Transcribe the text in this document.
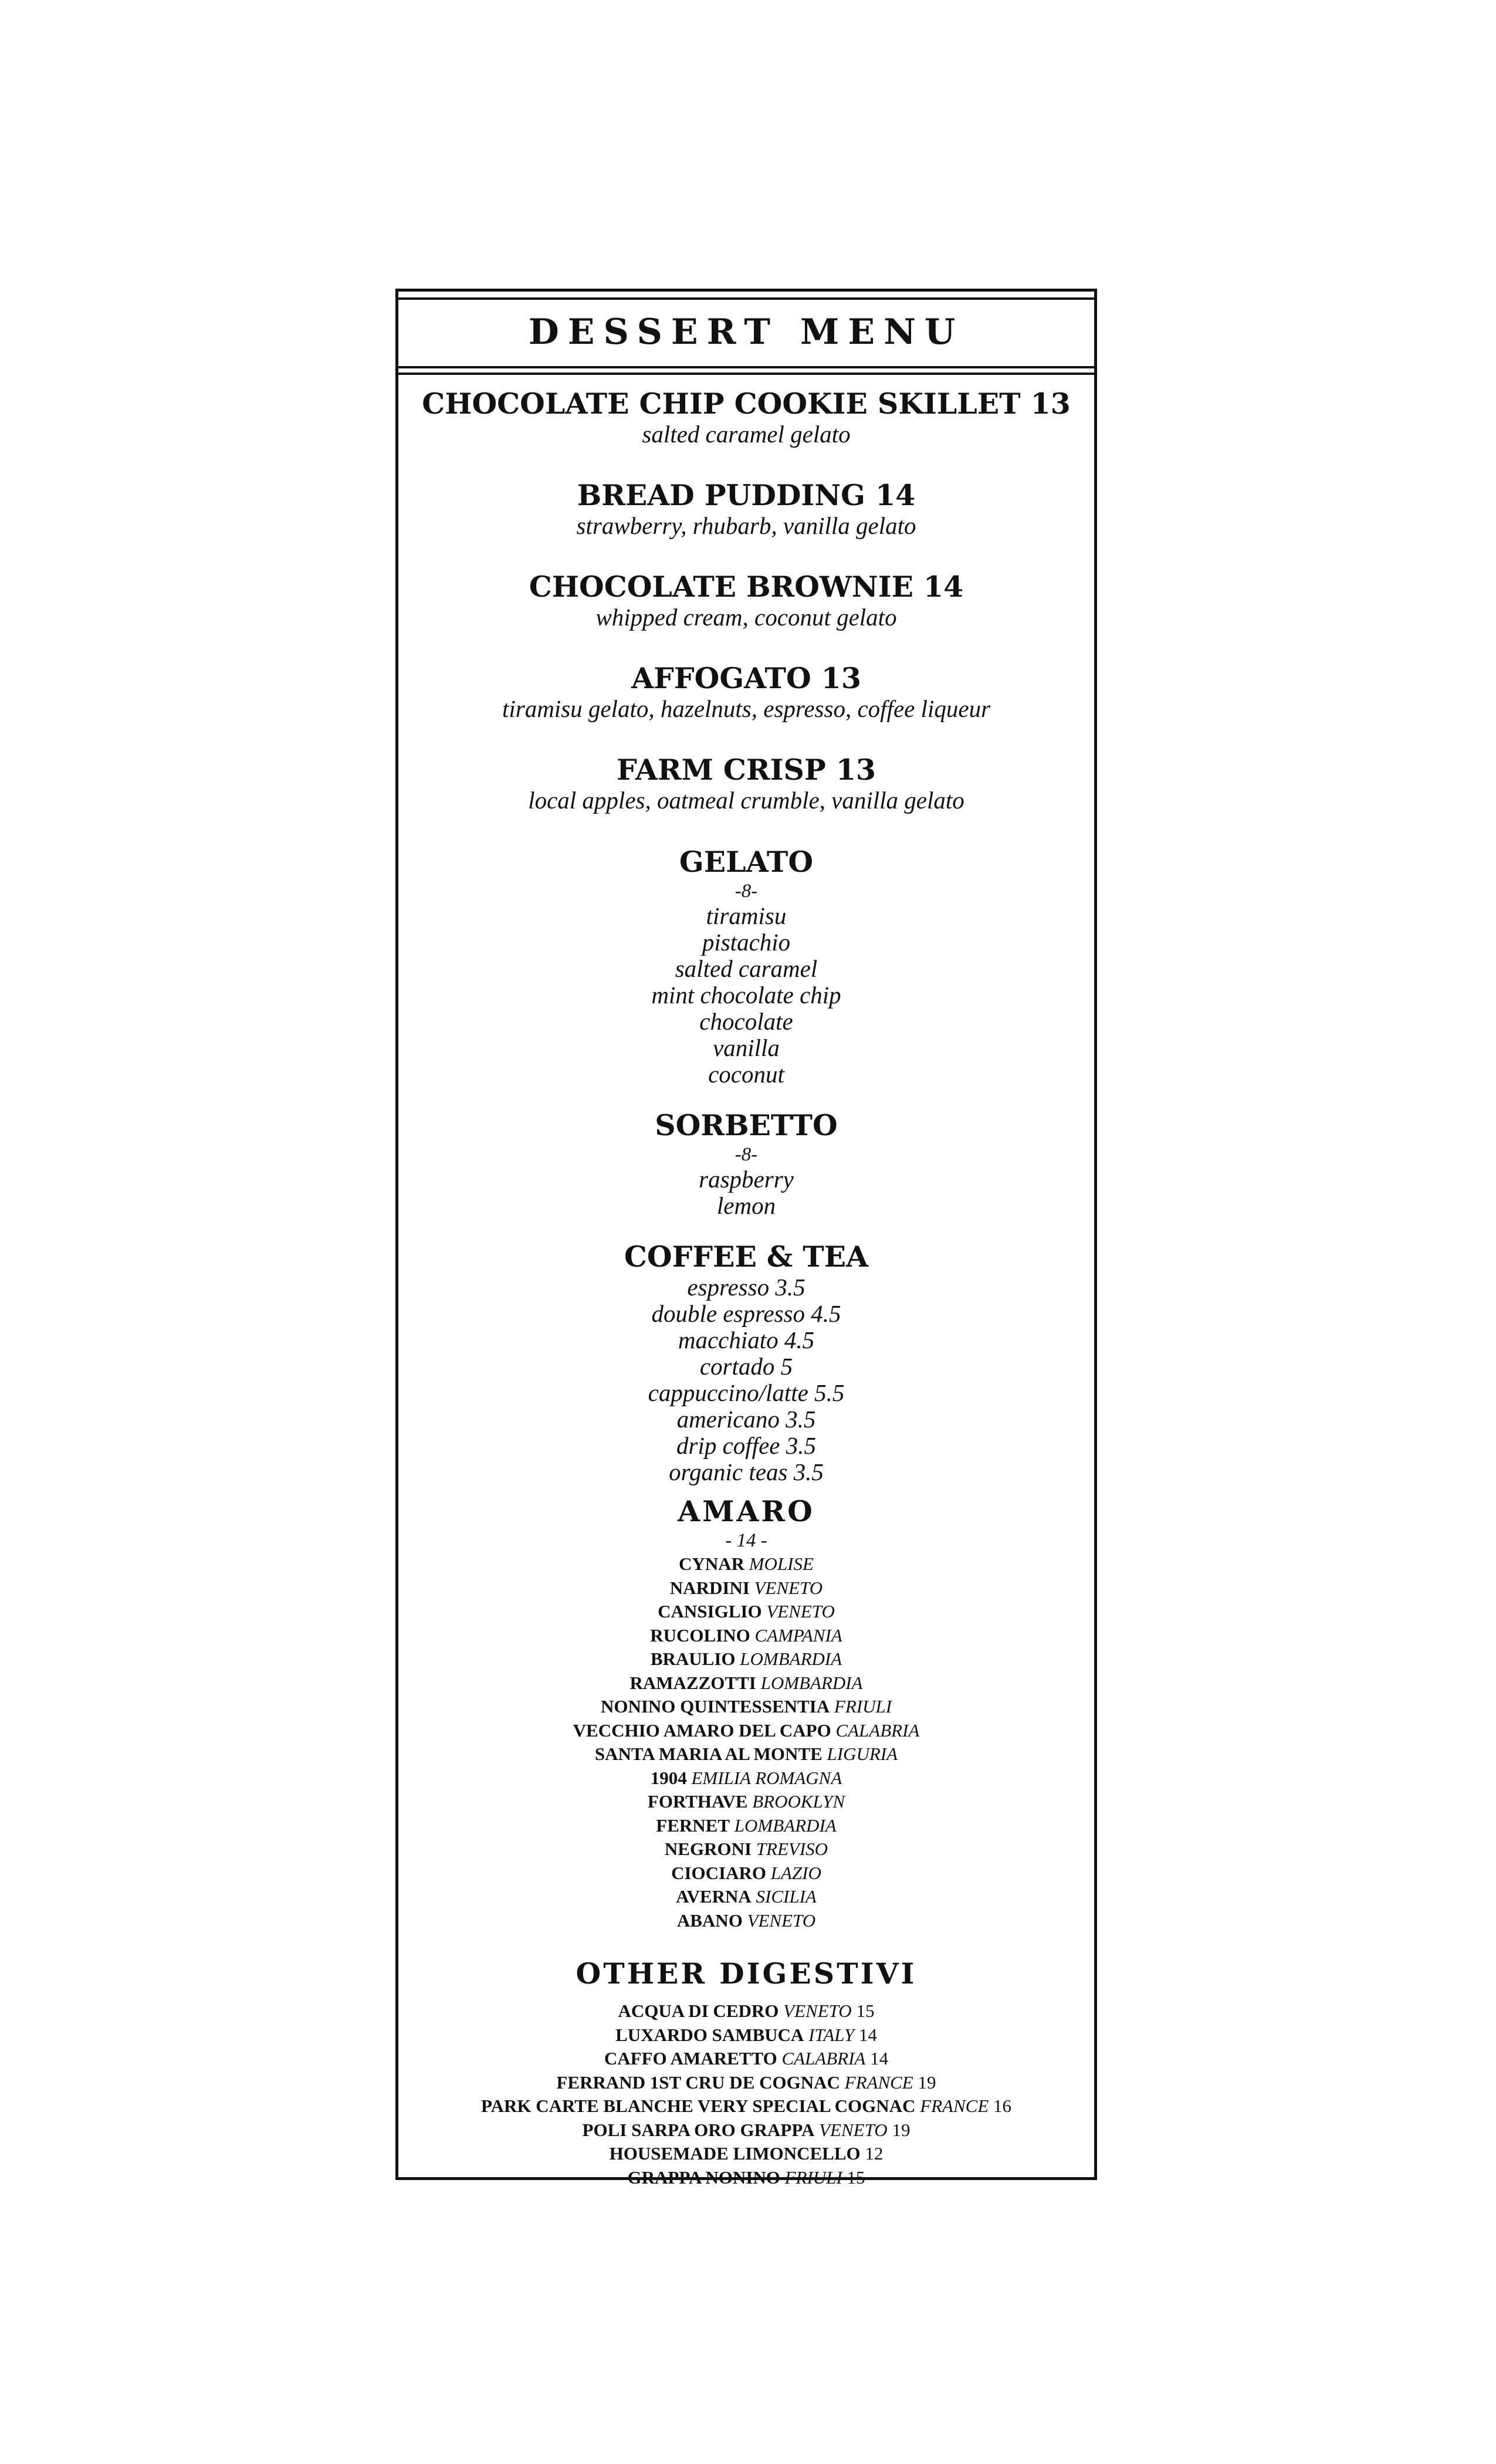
DESSERT MENU
CHOCOLATE CHIP COOKIE SKILLET 13
salted caramel gelato
BREAD PUDDING 14
strawberry, rhubarb, vanilla gelato
CHOCOLATE BROWNIE 14
whipped cream, coconut gelato
AFFOGATO 13
tiramisu gelato, hazelnuts, espresso, coffee liqueur
FARM CRISP 13
local apples, oatmeal crumble, vanilla gelato
GELATO
-8-
tiramisu
pistachio
salted caramel
mint chocolate chip
chocolate
vanilla
coconut
SORBETTO
-8-
raspberry
lemon
COFFEE & TEA
espresso 3.5
double espresso 4.5
macchiato 4.5
cortado 5
cappuccino/latte 5.5
americano 3.5
drip coffee 3.5
organic teas 3.5
AMARO
- 14 -
CYNAR MOLISE
NARDINI VENETO
CANSIGLIO VENETO
RUCOLINO CAMPANIA
BRAULIO LOMBARDIA
RAMAZZOTTI LOMBARDIA
NONINO QUINTESSENTIA FRIULI
VECCHIO AMARO DEL CAPO CALABRIA
SANTA MARIA AL MONTE LIGURIA
1904 EMILIA ROMAGNA
FORTHAVE BROOKLYN
FERNET LOMBARDIA
NEGRONI TREVISO
CIOCIARO LAZIO
AVERNA SICILIA
ABANO VENETO
OTHER DIGESTIVI
ACQUA DI CEDRO VENETO 15
LUXARDO SAMBUCA ITALY 14
CAFFO AMARETTO CALABRIA 14
FERRAND 1ST CRU DE COGNAC FRANCE 19
PARK CARTE BLANCHE VERY SPECIAL COGNAC FRANCE 16
POLI SARPA ORO GRAPPA VENETO 19
HOUSEMADE LIMONCELLO 12
GRAPPA NONINO FRIULI 15
